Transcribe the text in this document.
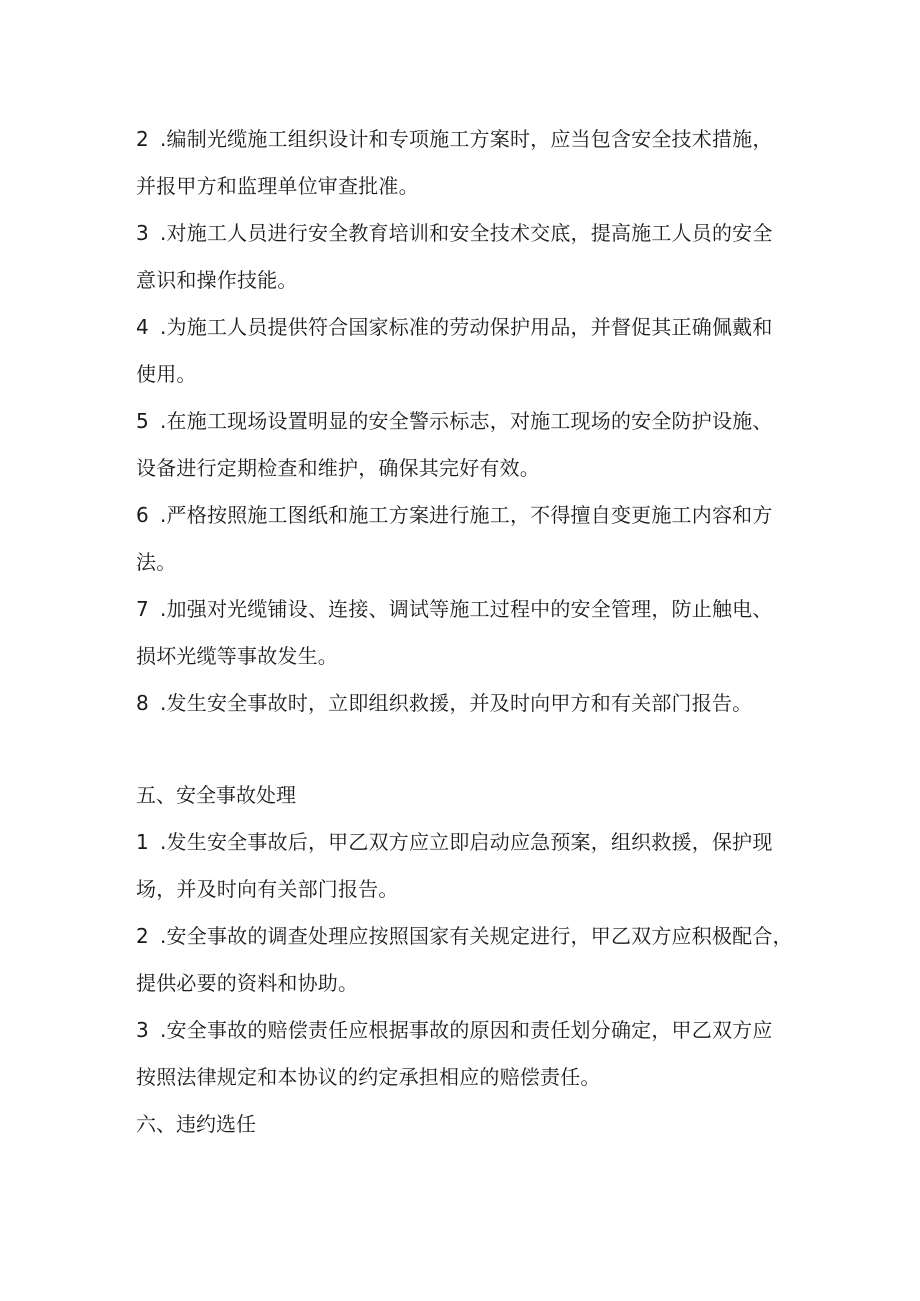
2 .编制光缆施工组织设计和专项施工方案时，应当包含安全技术措施，

并报甲方和监理单位审查批准。

3 .对施工人员进行安全教育培训和安全技术交底，提高施工人员的安全

意识和操作技能。

4 .为施工人员提供符合国家标准的劳动保护用品，并督促其正确佩戴和

使用。

5 .在施工现场设置明显的安全警示标志，对施工现场的安全防护设施、

设备进行定期检查和维护，确保其完好有效。

6 .严格按照施工图纸和施工方案进行施工，不得擅自变更施工内容和方

法。

7 .加强对光缆铺设、连接、调试等施工过程中的安全管理，防止触电、

损坏光缆等事故发生。

8 .发生安全事故时，立即组织救援，并及时向甲方和有关部门报告。

五、安全事故处理

1 .发生安全事故后，甲乙双方应立即启动应急预案，组织救援，保护现

场，并及时向有关部门报告。

2 .安全事故的调查处理应按照国家有关规定进行，甲乙双方应积极配合，

提供必要的资料和协助。

3 .安全事故的赔偿责任应根据事故的原因和责任划分确定，甲乙双方应

按照法律规定和本协议的约定承担相应的赔偿责任。

六、违约选任
